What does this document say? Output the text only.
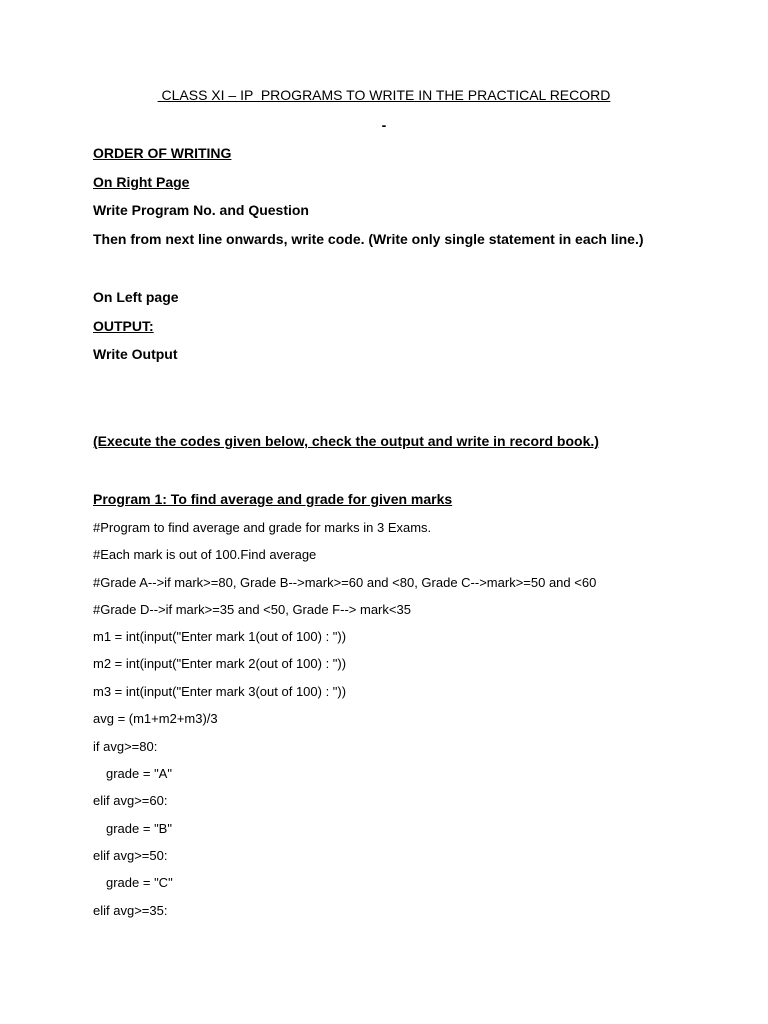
CLASS XI – IP  PROGRAMS TO WRITE IN THE PRACTICAL RECORD
-
ORDER OF WRITING
On Right Page
Write Program No. and Question
Then from next line onwards, write code. (Write only single statement in each line.)
On Left page
OUTPUT:
Write Output
(Execute the codes given below, check the output and write in record book.)
Program 1: To find average and grade for given marks
#Program to find average and grade for marks in 3 Exams.
#Each mark is out of 100.Find average
#Grade A-->if mark>=80, Grade B-->mark>=60 and <80, Grade C-->mark>=50 and <60
#Grade D-->if mark>=35 and <50, Grade F--> mark<35
m1 = int(input("Enter mark 1(out of 100) : "))
m2 = int(input("Enter mark 2(out of 100) : "))
m3 = int(input("Enter mark 3(out of 100) : "))
avg = (m1+m2+m3)/3
if avg>=80:
grade = "A"
elif avg>=60:
grade = "B"
elif avg>=50:
grade = "C"
elif avg>=35:
